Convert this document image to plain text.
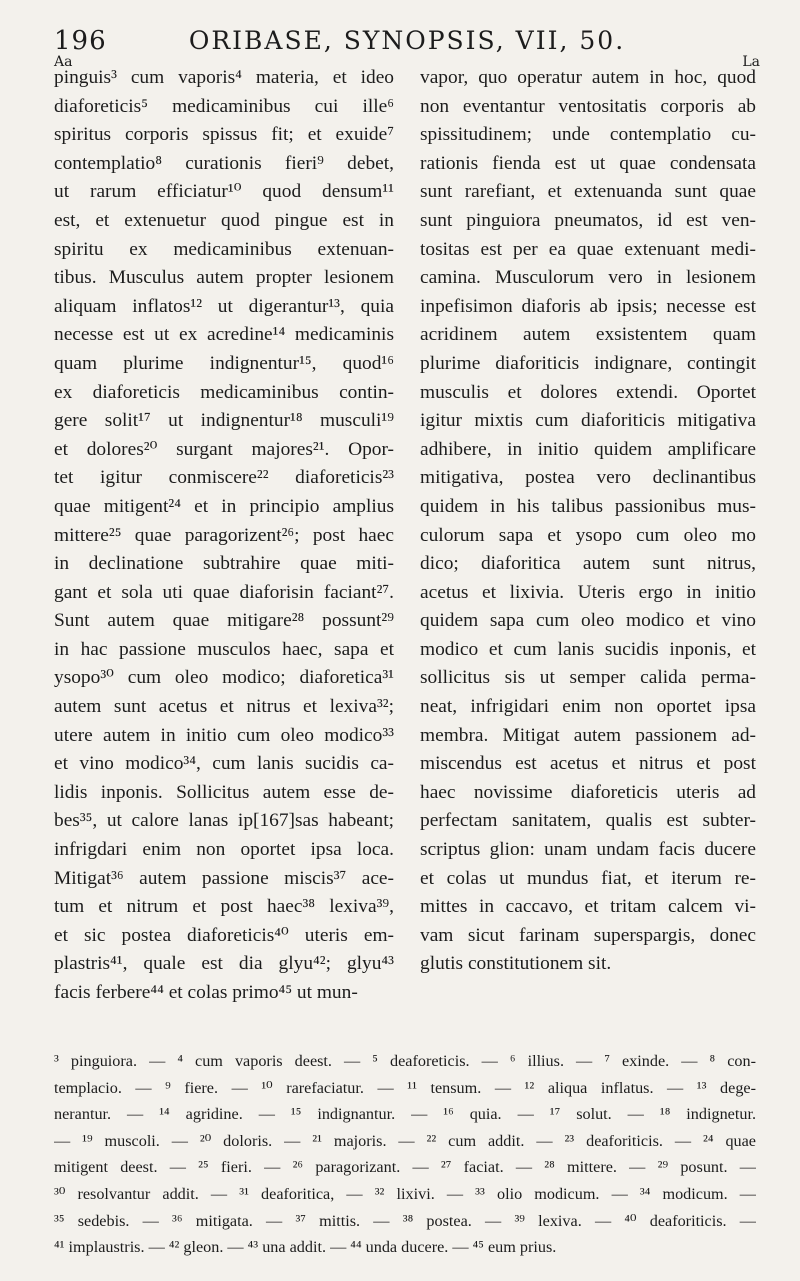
196	ORIBASE, SYNOPSIS, VII, 50.
Aa	La
pinguis³ cum vaporis⁴ materia, et ideo
diaforeticis⁵ medicaminibus cui ille⁶
spiritus corporis spissus fit; et exuide⁷
contemplatio⁸ curationis fieri⁹ debet,
ut rarum efficiatur¹⁰ quod densum¹¹
est, et extenuetur quod pingue est in
spiritu ex medicaminibus extenuan-
tibus. Musculus autem propter lesionem
aliquam inflatos¹² ut digerantur¹³, quia
necesse est ut ex acredine¹⁴ medicaminis
quam plurime indignentur¹⁵, quod¹⁶
ex diaforeticis medicaminibus contin-
gere solit¹⁷ ut indignentur¹⁸ musculi¹⁹
et dolores²⁰ surgant majores²¹. Opor-
tet igitur conmiscere²² diaforeticis²³
quae mitigent²⁴ et in principio amplius
mittere²⁵ quae paragorizent²⁶; post haec
in declinatione subtrahire quae miti-
gant et sola uti quae diaforisin faciant²⁷.
Sunt autem quae mitigare²⁸ possunt²⁹
in hac passione musculos haec, sapa et
ysopo³⁰ cum oleo modico; diaforetica³¹
autem sunt acetus et nitrus et lexiva³²;
utere autem in initio cum oleo modico³³
et vino modico³⁴, cum lanis sucidis ca-
lidis inponis. Sollicitus autem esse de-
bes³⁵, ut calore lanas ip[167]sas habeant;
infrigdari enim non oportet ipsa loca.
Mitigat³⁶ autem passione miscis³⁷ ace-
tum et nitrum et post haec³⁸ lexiva³⁹,
et sic postea diaforeticis⁴⁰ uteris em-
plastris⁴¹, quale est dia glyu⁴²; glyu⁴³
facis ferbere⁴⁴ et colas primo⁴⁵ ut mun-
vapor, quo operatur autem in hoc, quod
non eventantur ventositatis corporis ab
spissitudinem; unde contemplatio cu-
rationis fienda est ut quae condensata
sunt rarefiant, et extenuanda sunt quae
sunt pinguiora pneumatos, id est ven-
tositas est per ea quae extenuant medi-
camina. Musculorum vero in lesionem
inpefisimon diaforis ab ipsis; necesse est
acridinem autem exsistentem quam
plurime diaforiticis indignare, contingit
musculis et dolores extendi. Oportet
igitur mixtis cum diaforiticis mitigativa
adhibere, in initio quidem amplificare
mitigativa, postea vero declinantibus
quidem in his talibus passionibus mus-
culorum sapa et ysopo cum oleo mo
dico; diaforitica autem sunt nitrus,
acetus et lixivia. Uteris ergo in initio
quidem sapa cum oleo modico et vino
modico et cum lanis sucidis inponis, et
sollicitus sis ut semper calida perma-
neat, infrigidari enim non oportet ipsa
membra. Mitigat autem passionem ad-
miscendus est acetus et nitrus et post
haec novissime diaforeticis uteris ad
perfectam sanitatem, qualis est subter-
scriptus glion: unam undam facis ducere
et colas ut mundus fiat, et iterum re-
mittes in caccavo, et tritam calcem vi-
vam sicut farinam superspargis, donec
glutis constitutionem sit.
³ pinguiora. — ⁴ cum vaporis deest. — ⁵ deaforeticis. — ⁶ illius. — ⁷ exinde. — ⁸ con-
templacio. — ⁹ fiere. — ¹⁰ rarefaciatur. — ¹¹ tensum. — ¹² aliqua inflatus. — ¹³ dege-
nerantur. — ¹⁴ agridine. — ¹⁵ indignantur. — ¹⁶ quia. — ¹⁷ solut. — ¹⁸ indignetur.
— ¹⁹ muscoli. — ²⁰ doloris. — ²¹ majoris. — ²² cum addit. — ²³ deaforiticis. — ²⁴ quae
mitigent deest. — ²⁵ fieri. — ²⁶ paragorizant. — ²⁷ faciat. — ²⁸ mittere. — ²⁹ posunt. —
³⁰ resolvantur addit. — ³¹ deaforitica, — ³² lixivi. — ³³ olio modicum. — ³⁴ modicum. —
³⁵ sedebis. — ³⁶ mitigata. — ³⁷ mittis. — ³⁸ postea. — ³⁹ lexiva. — ⁴⁰ deaforiticis. —
⁴¹ implaustris. — ⁴² gleon. — ⁴³ una addit. — ⁴⁴ unda ducere. — ⁴⁵ eum prius.
